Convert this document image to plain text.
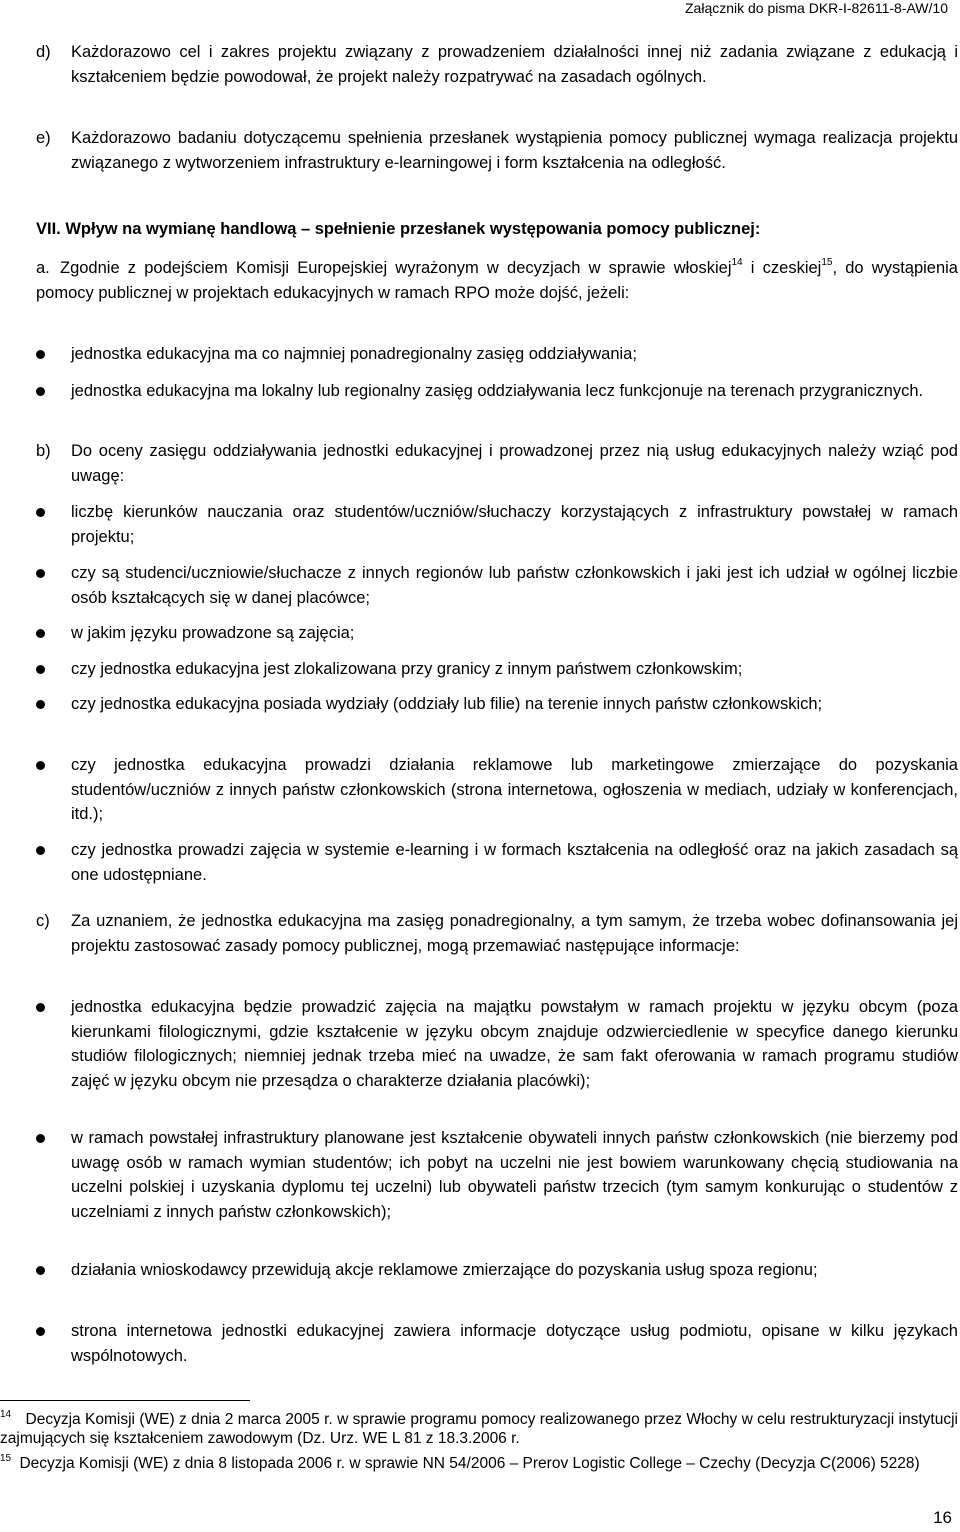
Załącznik do pisma DKR-I-82611-8-AW/10
d) Każdorazowo cel i zakres projektu związany z prowadzeniem działalności innej niż zadania związane z edukacją i kształceniem będzie powodował, że projekt należy rozpatrywać na zasadach ogólnych.
e) Każdorazowo badaniu dotyczącemu spełnienia przesłanek wystąpienia pomocy publicznej wymaga realizacja projektu związanego z wytworzeniem infrastruktury e-learningowej i form kształcenia na odległość.
VII. Wpływ na wymianę handlową – spełnienie przesłanek występowania pomocy publicznej:
a. Zgodnie z podejściem Komisji Europejskiej wyrażonym w decyzjach w sprawie włoskiej$^{14}$ i czeskiej$^{15}$, do wystąpienia pomocy publicznej w projektach edukacyjnych w ramach RPO może dojść, jeżeli:
jednostka edukacyjna ma co najmniej ponadregionalny zasięg oddziaływania;
jednostka edukacyjna ma lokalny lub regionalny zasięg oddziaływania lecz funkcjonuje na terenach przygranicznych.
b) Do oceny zasięgu oddziaływania jednostki edukacyjnej i prowadzonej przez nią usług edukacyjnych należy wziąć pod uwagę:
liczbę kierunków nauczania oraz studentów/uczniów/słuchaczy korzystających z infrastruktury powstałej w ramach projektu;
czy są studenci/uczniowie/słuchacze z innych regionów lub państw członkowskich i jaki jest ich udział w ogólnej liczbie osób kształcących się w danej placówce;
w jakim języku prowadzone są zajęcia;
czy jednostka edukacyjna jest zlokalizowana przy granicy z innym państwem członkowskim;
czy jednostka edukacyjna posiada wydziały (oddziały lub filie) na terenie innych państw członkowskich;
czy jednostka edukacyjna prowadzi działania reklamowe lub marketingowe zmierzające do pozyskania studentów/uczniów z innych państw członkowskich (strona internetowa, ogłoszenia w mediach, udziały w konferencjach, itd.);
czy jednostka prowadzi zajęcia w systemie e-learning i w formach kształcenia na odległość oraz na jakich zasadach są one udostępniane.
c) Za uznaniem, że jednostka edukacyjna ma zasięg ponadregionalny, a tym samym, że trzeba wobec dofinansowania jej projektu zastosować zasady pomocy publicznej, mogą przemawiać następujące informacje:
jednostka edukacyjna będzie prowadzić zajęcia na majątku powstałym w ramach projektu w języku obcym (poza kierunkami filologicznymi, gdzie kształcenie w języku obcym znajduje odzwierciedlenie w specyfice danego kierunku studiów filologicznych; niemniej jednak trzeba mieć na uwadze, że sam fakt oferowania w ramach programu studiów zajęć w języku obcym nie przesądza o charakterze działania placówki);
w ramach powstałej infrastruktury planowane jest kształcenie obywateli innych państw członkowskich (nie bierzemy pod uwagę osób w ramach wymian studentów; ich pobyt na uczelni nie jest bowiem warunkowany chęcią studiowania na uczelni polskiej i uzyskania dyplomu tej uczelni) lub obywateli państw trzecich (tym samym konkurując o studentów z uczelniami z innych państw członkowskich);
działania wnioskodawcy przewidują akcje reklamowe zmierzające do pozyskania usług spoza regionu;
strona internetowa jednostki edukacyjnej zawiera informacje dotyczące usług podmiotu, opisane w kilku językach wspólnotowych.
$^{14}$ Decyzja Komisji (WE) z dnia 2 marca 2005 r. w sprawie programu pomocy realizowanego przez Włochy w celu restrukturyzacji instytucji zajmujących się kształceniem zawodowym (Dz. Urz. WE L 81 z 18.3.2006 r.
$^{15}$ Decyzja Komisji (WE) z dnia 8 listopada 2006 r. w sprawie NN 54/2006 – Prerov Logistic College – Czechy (Decyzja C(2006) 5228)
16
